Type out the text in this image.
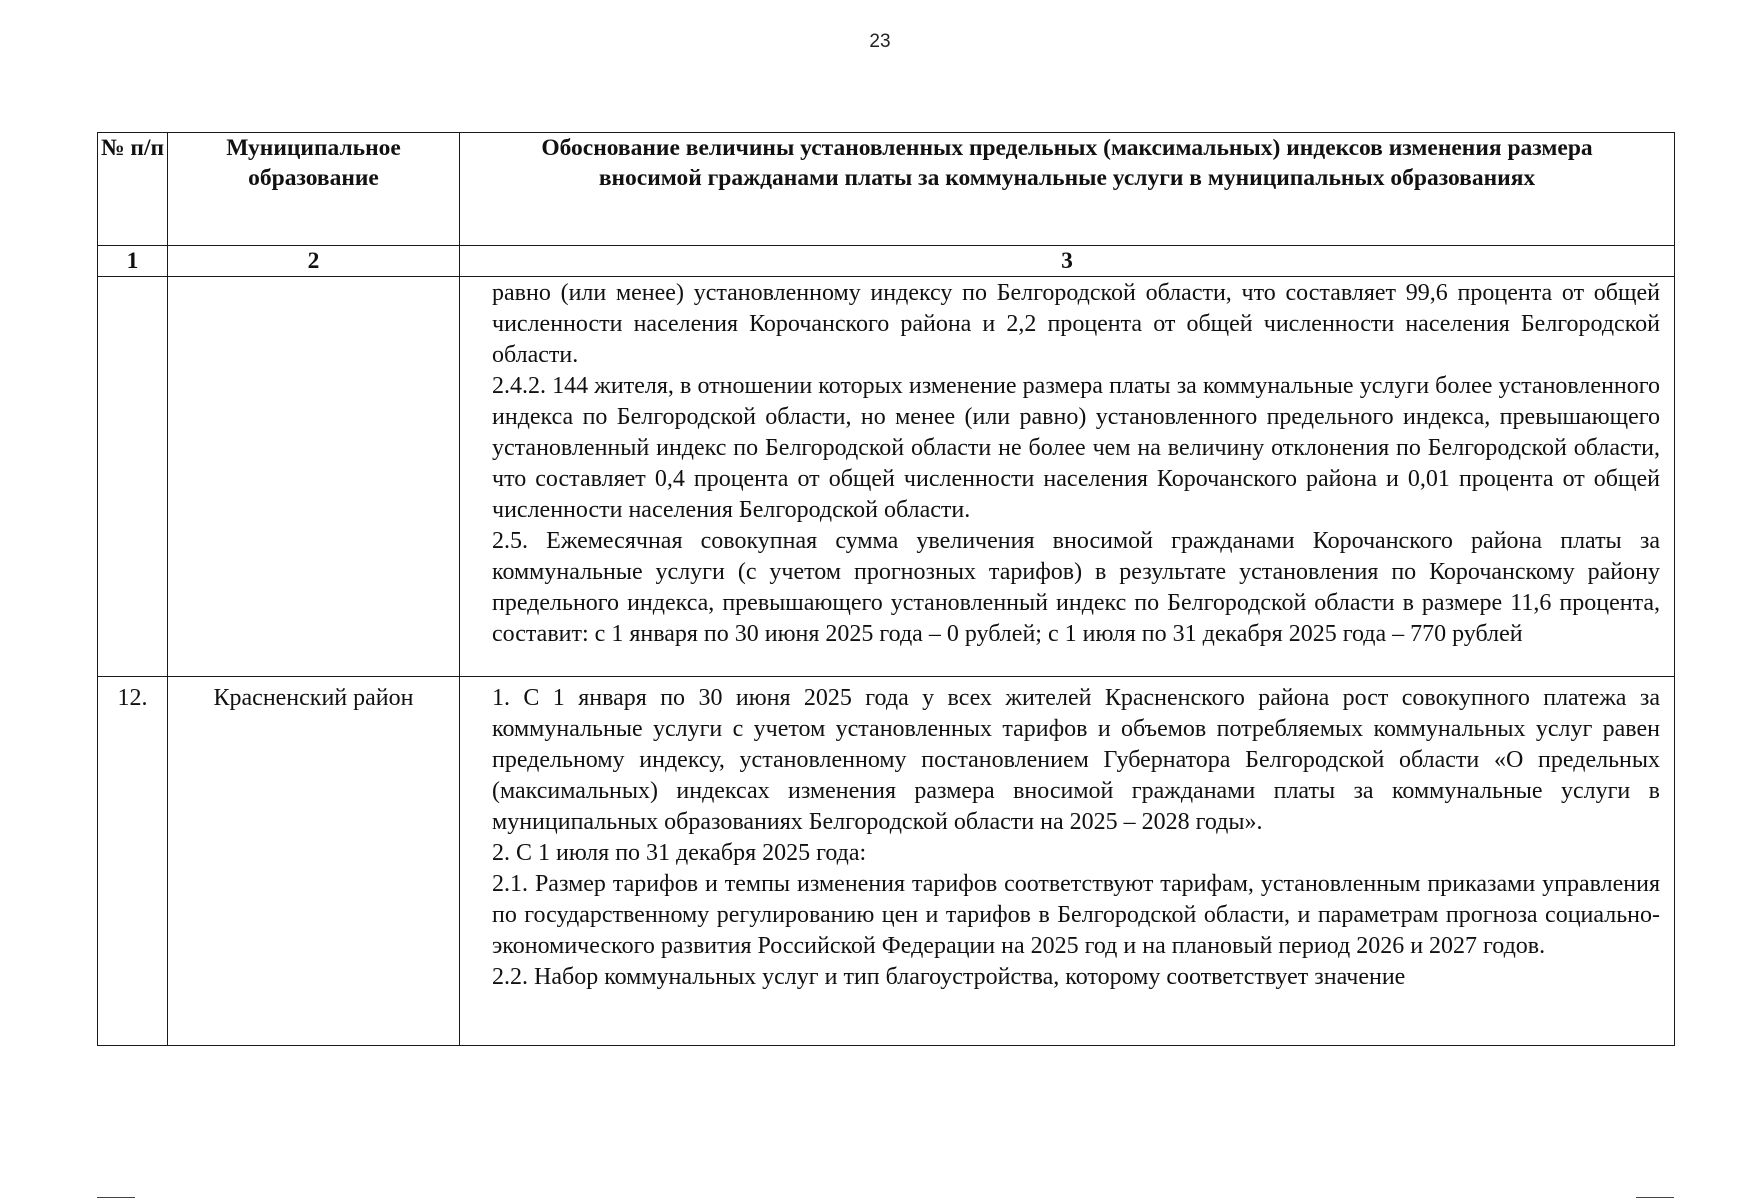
23
№ п/п	Муниципальное образование	Обоснование величины установленных предельных (максимальных) индексов изменения размера вносимой гражданами платы за коммунальные услуги в муниципальных образованиях
1	2	3

		равно (или менее) установленному индексу по Белгородской области, что составляет 99,6 процента от общей численности населения Корочанского района и 2,2 процента от общей численности населения Белгородской области.

2.4.2. 144 жителя, в отношении которых изменение размера платы за коммунальные услуги более установленного индекса по Белгородской области, но менее (или равно) установленного предельного индекса, превышающего установленный индекс по Белгородской области не более чем на величину отклонения по Белгородской области, что составляет 0,4 процента от общей численности населения Корочанского района и 0,01 процента от общей численности населения Белгородской области.

2.5. Ежемесячная совокупная сумма увеличения вносимой гражданами Корочанского района платы за коммунальные услуги (с учетом прогнозных тарифов) в результате установления по Корочанскому району предельного индекса, превышающего установленный индекс по Белгородской области в размере 11,6 процента, составит: с 1 января по 30 июня 2025 года – 0 рублей; с 1 июля по 31 декабря 2025 года – 770 рублей

12.	Красненский район	1. С 1 января по 30 июня 2025 года у всех жителей Красненского района рост совокупного платежа за коммунальные услуги с учетом установленных тарифов и объемов потребляемых коммунальных услуг равен предельному индексу, установленному постановлением Губернатора Белгородской области «О предельных (максимальных) индексах изменения размера вносимой гражданами платы за коммунальные услуги в муниципальных образованиях Белгородской области на 2025 – 2028 годы».

2. С 1 июля по 31 декабря 2025 года:

2.1. Размер тарифов и темпы изменения тарифов соответствуют тарифам, установленным приказами управления по государственному регулированию цен и тарифов в Белгородской области, и параметрам прогноза социально-экономического развития Российской Федерации на 2025 год и на плановый период 2026 и 2027 годов.

2.2. Набор коммунальных услуг и тип благоустройства, которому соответствует значение
